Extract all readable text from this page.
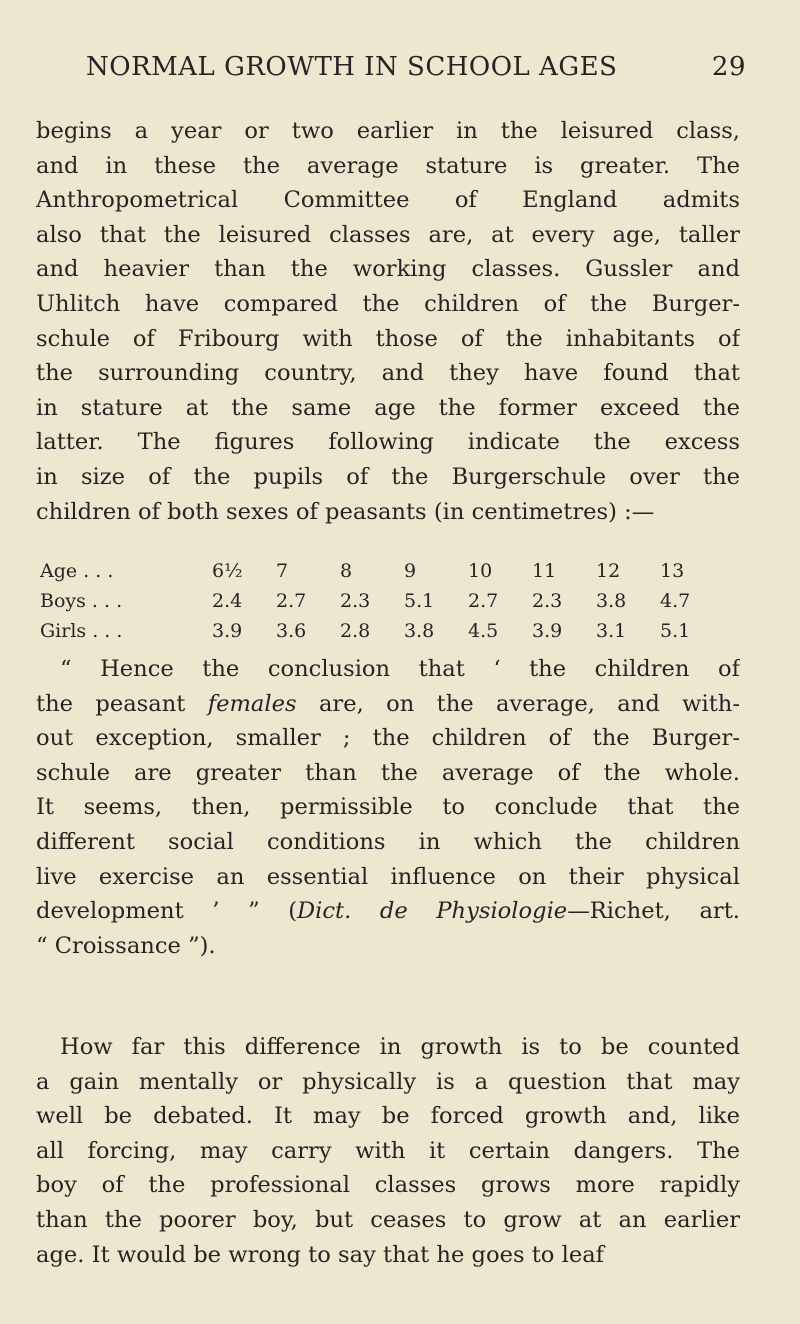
NORMAL GROWTH IN SCHOOL AGES	29
begins a year or two earlier in the leisured class,
and in these the average stature is greater. The
Anthropometrical Committee of England admits
also that the leisured classes are, at every age, taller
and heavier than the working classes. Gussler and
Uhlitch have compared the children of the Burger-
schule of Fribourg with those of the inhabitants of
the surrounding country, and they have found that
in stature at the same age the former exceed the
latter. The figures following indicate the excess
in size of the pupils of the Burgerschule over the
children of both sexes of peasants (in centimetres) :—
Age . . .	6½	7	8	9	10	11	12	13
Boys . . .	2.4	2.7	2.3	5.1	2.7	2.3	3.8	4.7
Girls . . .	3.9	3.6	2.8	3.8	4.5	3.9	3.1	5.1
“ Hence the conclusion that ‘ the children of
the peasant females are, on the average, and with-
out exception, smaller ; the children of the Burger-
schule are greater than the average of the whole.
It seems, then, permissible to conclude that the
different social conditions in which the children
live exercise an essential influence on their physical
development ’ ” (Dict. de Physiologie—Richet, art.
“ Croissance ”).
How far this difference in growth is to be counted
a gain mentally or physically is a question that may
well be debated. It may be forced growth and, like
all forcing, may carry with it certain dangers. The
boy of the professional classes grows more rapidly
than the poorer boy, but ceases to grow at an earlier
age. It would be wrong to say that he goes to leaf
